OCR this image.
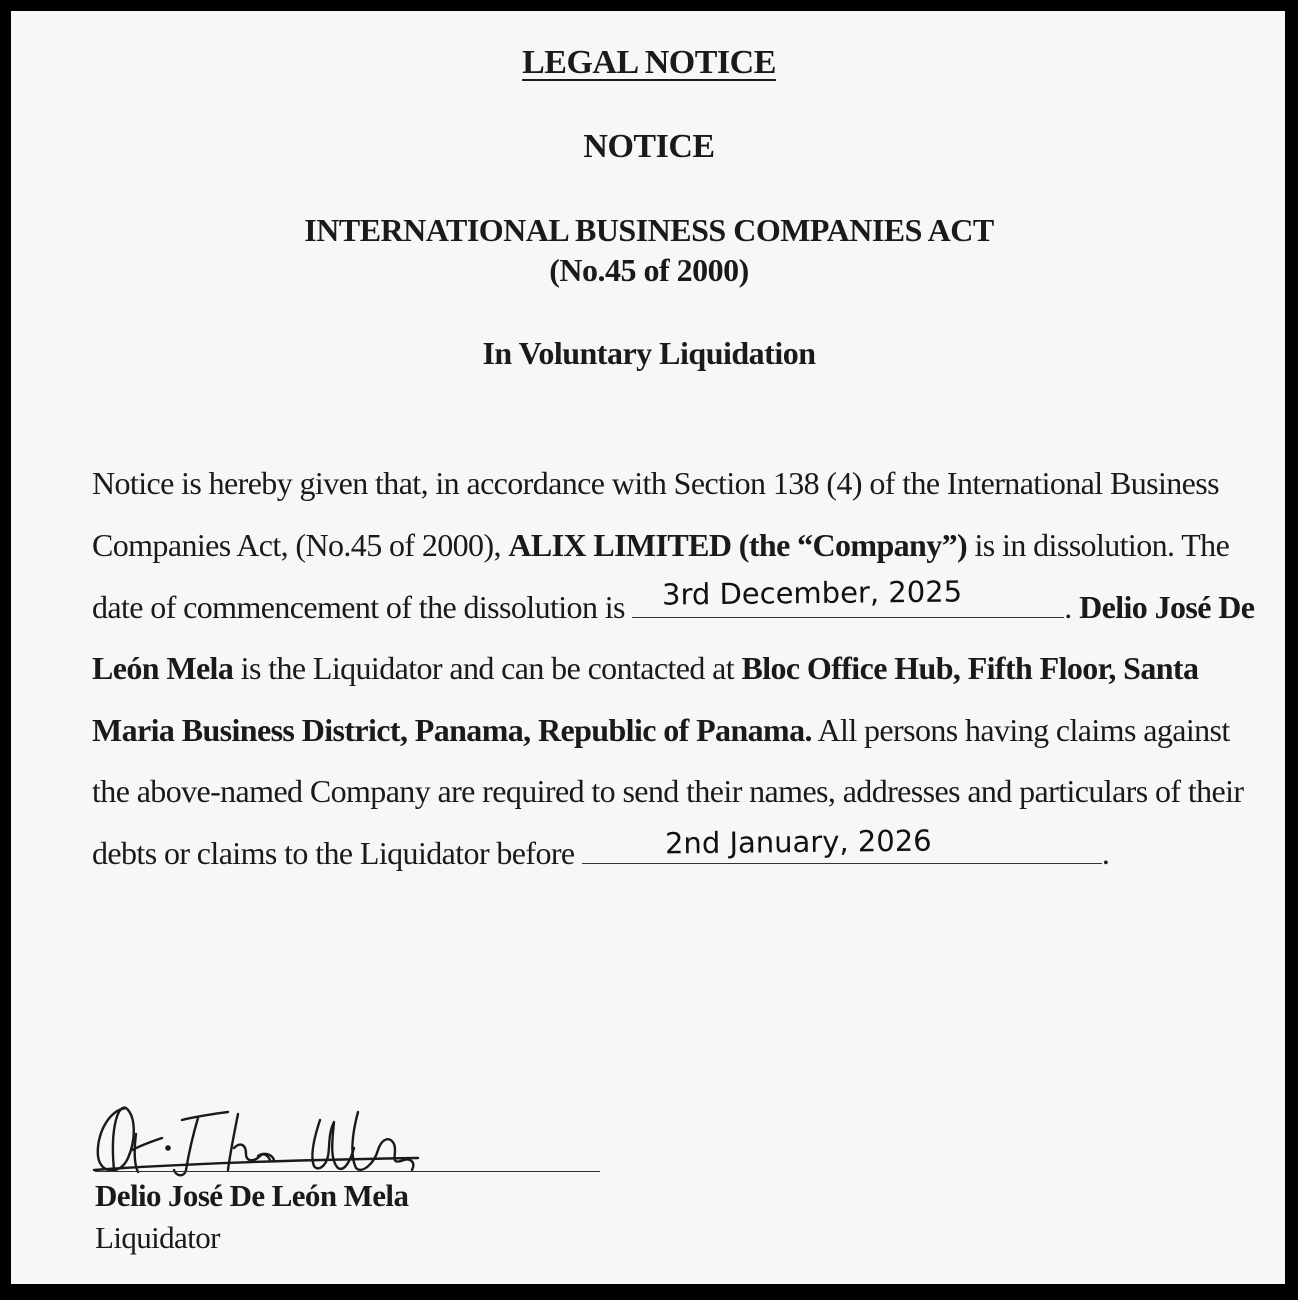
LEGAL NOTICE
NOTICE
INTERNATIONAL BUSINESS COMPANIES ACT
(No.45 of 2000)
In Voluntary Liquidation
Notice is hereby given that, in accordance with Section 138 (4) of the International Business
Companies Act, (No.45 of 2000), ALIX LIMITED (the “Company”) is in dissolution. The
date of commencement of the dissolution is	. Delio José De
León Mela is the Liquidator and can be contacted at Bloc Office Hub, Fifth Floor, Santa
Maria Business District, Panama, Republic of Panama. All persons having claims against
the above-named Company are required to send their names, addresses and particulars of their
debts or claims to the Liquidator before	.
3rd December, 2025
2nd January, 2026
Delio José De León Mela
Liquidator
